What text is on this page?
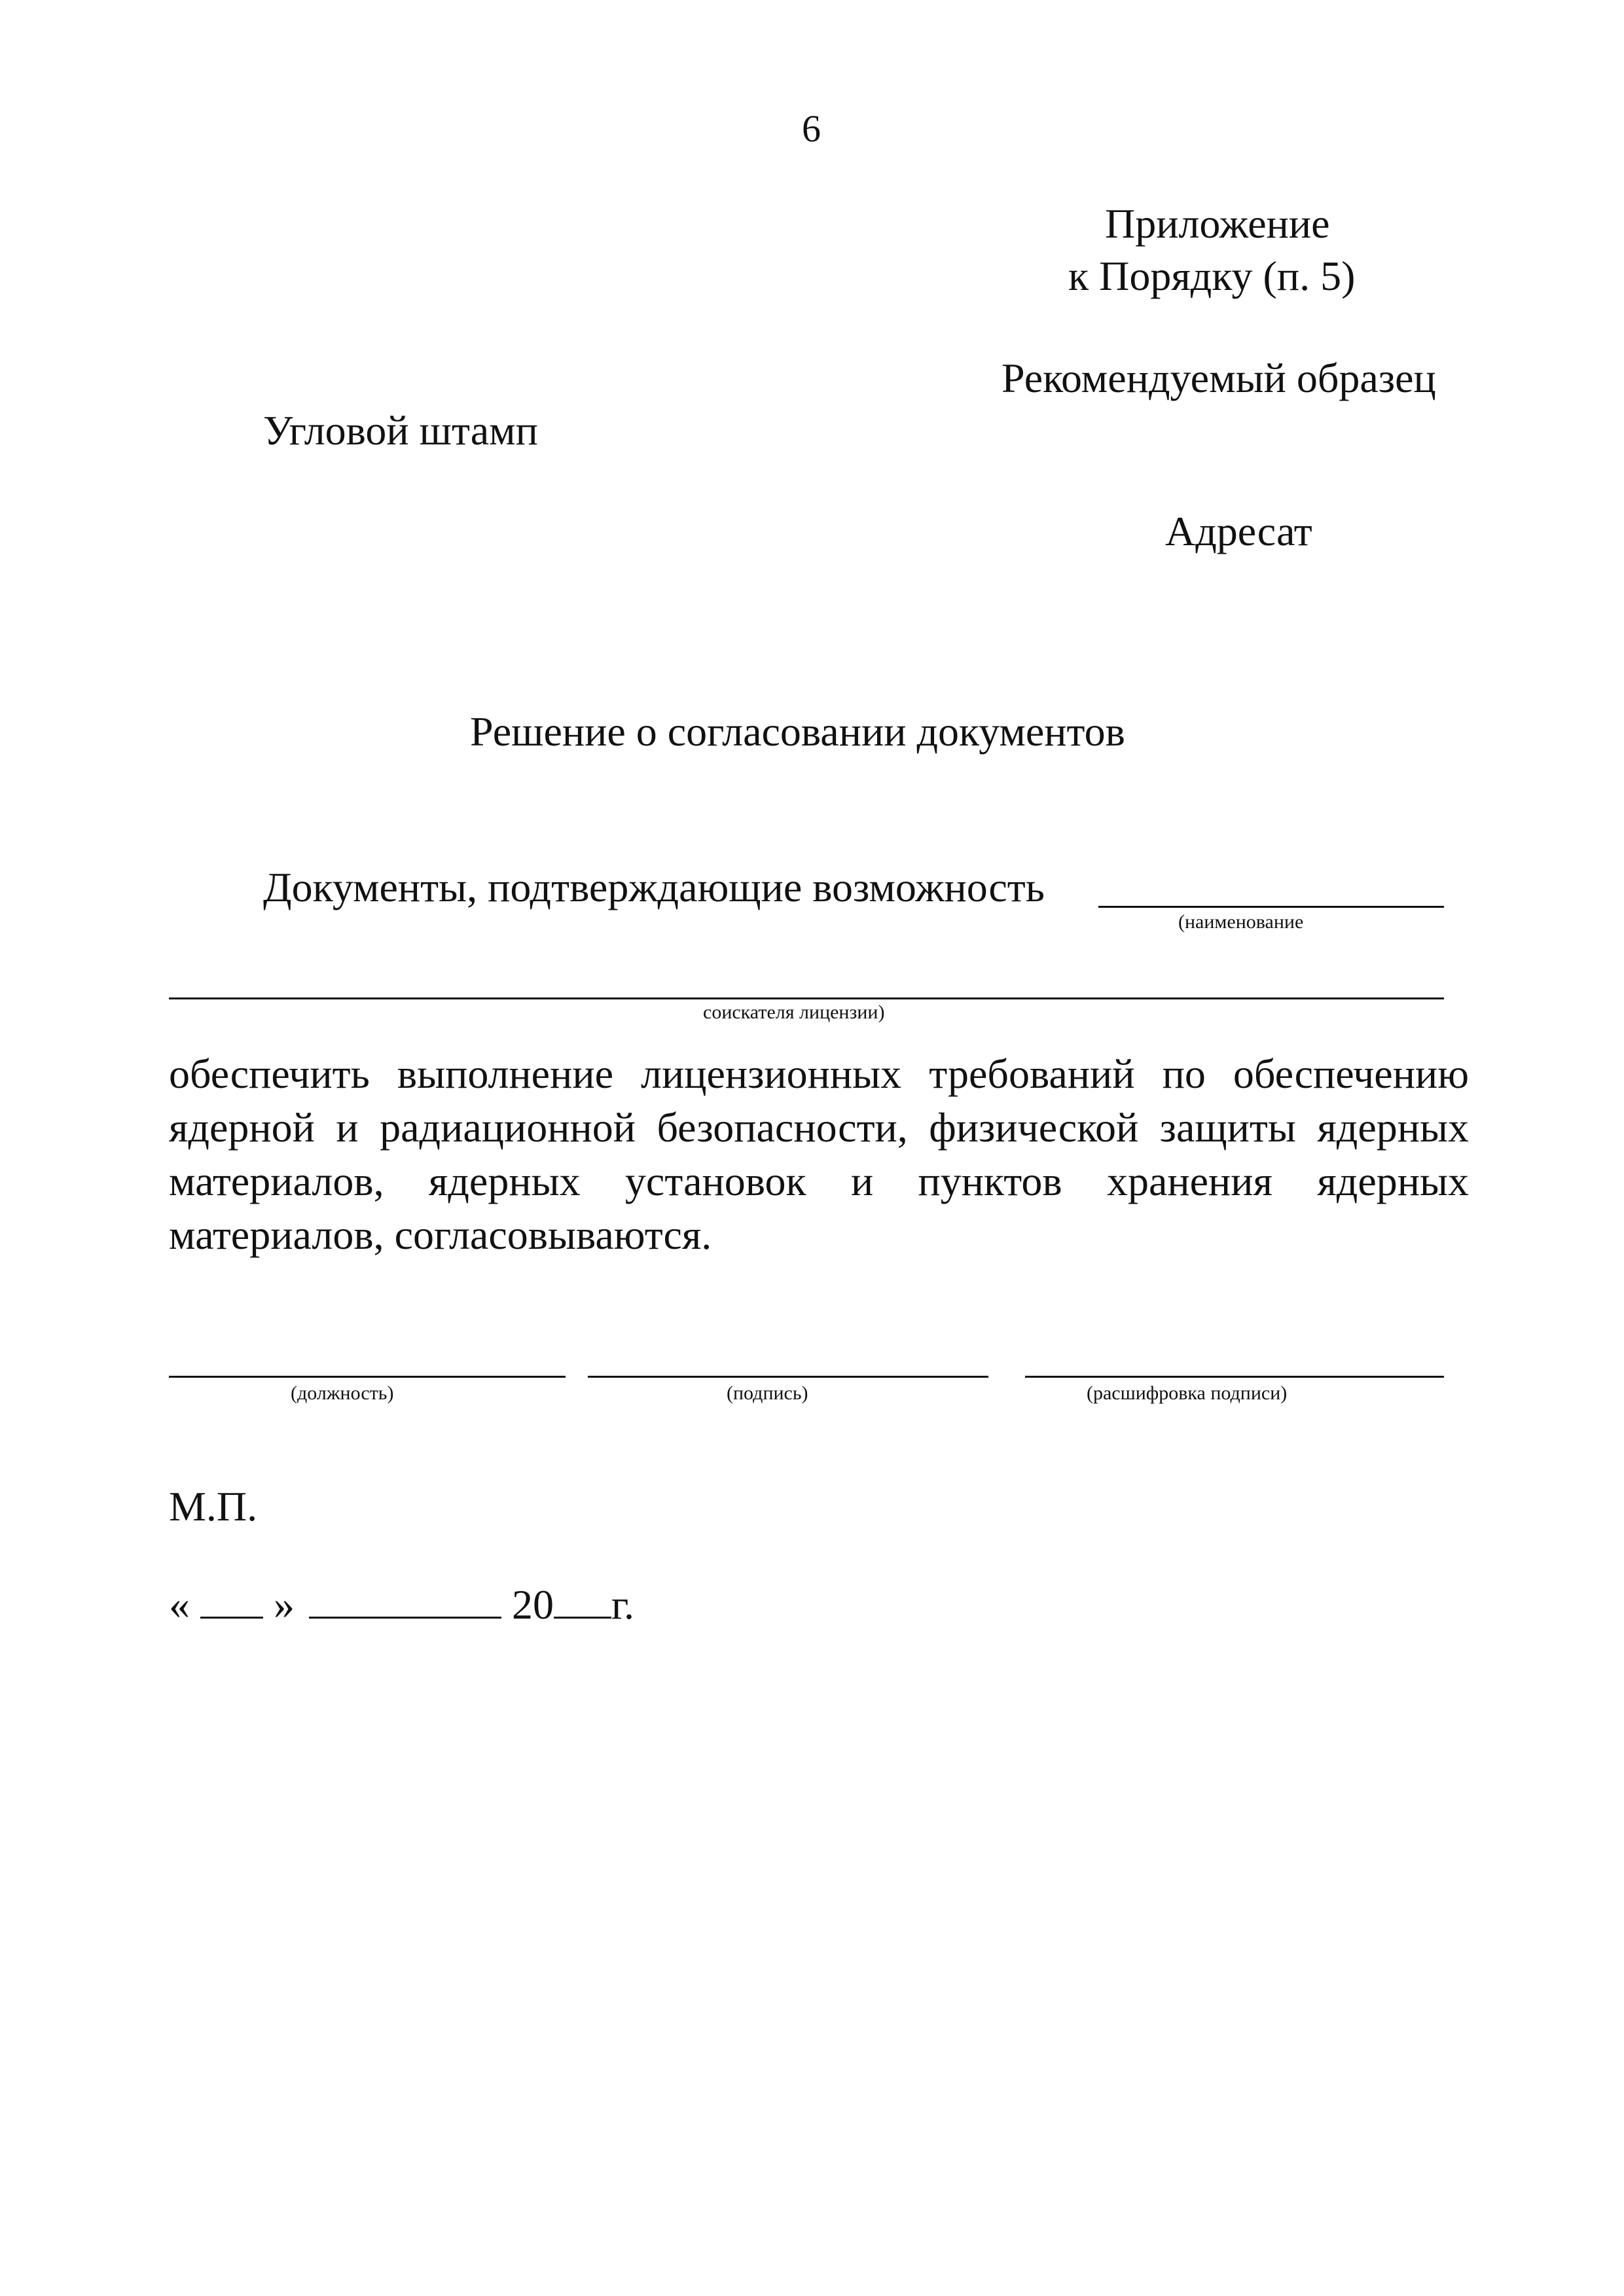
6
Приложение
к Порядку (п. 5)
Рекомендуемый образец
Угловой штамп
Адресат
Решение о согласовании документов
Документы, подтверждающие возможность
(наименование
соискателя лицензии)
обеспечить выполнение лицензионных требований по обеспечению
ядерной и радиационной безопасности, физической защиты ядерных
материалов, ядерных установок и пунктов хранения ядерных
материалов, согласовываются.
(должность)	(подпись)	(расшифровка подписи)
М.П.
« »	20 г.
